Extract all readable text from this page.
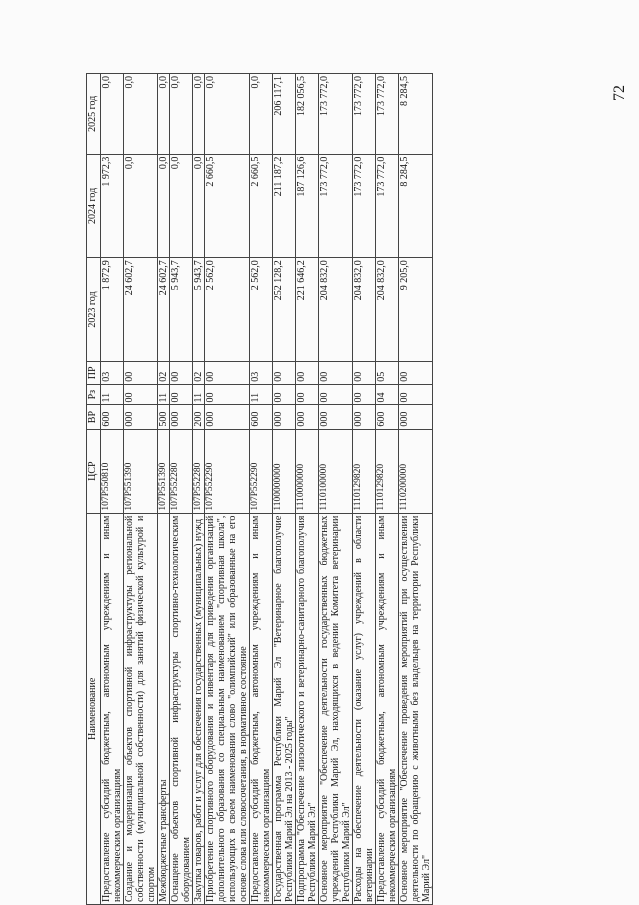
72
Наименование	ЦСР	ВР	Рз	ПР	2023 год	2024 год	2025 год
Предоставление субсидий бюджетным, автономным учреждениям и иным некоммерческим организациям	107P550810	600	11	03	1 872,9	1 972,3	0,0
Создание и модернизация объектов спортивной инфраструктуры региональной собственности (муниципальной собственности) для занятий физической культурой и спортом	107P551390	000	00	00	24 602,7	0,0	0,0
Межбюджетные трансферты	107P551390	500	11	02	24 602,7	0,0	0,0
Оснащение объектов спортивной инфраструктуры спортивно-технологическим оборудованием	107P552280	000	00	00	5 943,7	0,0	0,0
Закупка товаров, работ и услуг для обеспечения государственных (муниципальных) нужд	107P552280	200	11	02	5 943,7	0,0	0,0
Приобретение спортивного оборудования и инвентаря для приведения организаций дополнительного образования со специальным наименованием "спортивная школа", использующих в своем наименовании слово "олимпийский" или образованные на его основе слова или словосочетания, в нормативное состояние	107P552290	000	00	00	2 562,0	2 660,5	0,0
Предоставление субсидий бюджетным, автономным учреждениям и иным некоммерческим организациям	107P552290	600	11	03	2 562,0	2 660,5	0,0
Государственная программа Республики Марий Эл "Ветеринарное благополучие Республики Марий Эл на 2013 - 2025 годы"	1100000000	000	00	00	252 128,2	211 187,2	206 117,1
Подпрограмма "Обеспечение эпизоотического и ветеринарно-санитарного благополучия Республики Марий Эл"	1110000000	000	00	00	221 646,2	187 126,6	182 056,5
Основное мероприятие "Обеспечение деятельности государственных бюджетных учреждений Республики Марий Эл, находящихся в ведении Комитета ветеринарии Республики Марий Эл"	1110100000	000	00	00	204 832,0	173 772,0	173 772,0
Расходы на обеспечение деятельности (оказание услуг) учреждений в области ветеринарии	1110129820	000	00	00	204 832,0	173 772,0	173 772,0
Предоставление субсидий бюджетным, автономным учреждениям и иным некоммерческим организациям	1110129820	600	04	05	204 832,0	173 772,0	173 772,0
Основное мероприятие "Обеспечение проведения мероприятий при осуществлении деятельности по обращению с животными без владельцев на территории Республики Марий Эл"	1110200000	000	00	00	9 205,0	8 284,5	8 284,5
